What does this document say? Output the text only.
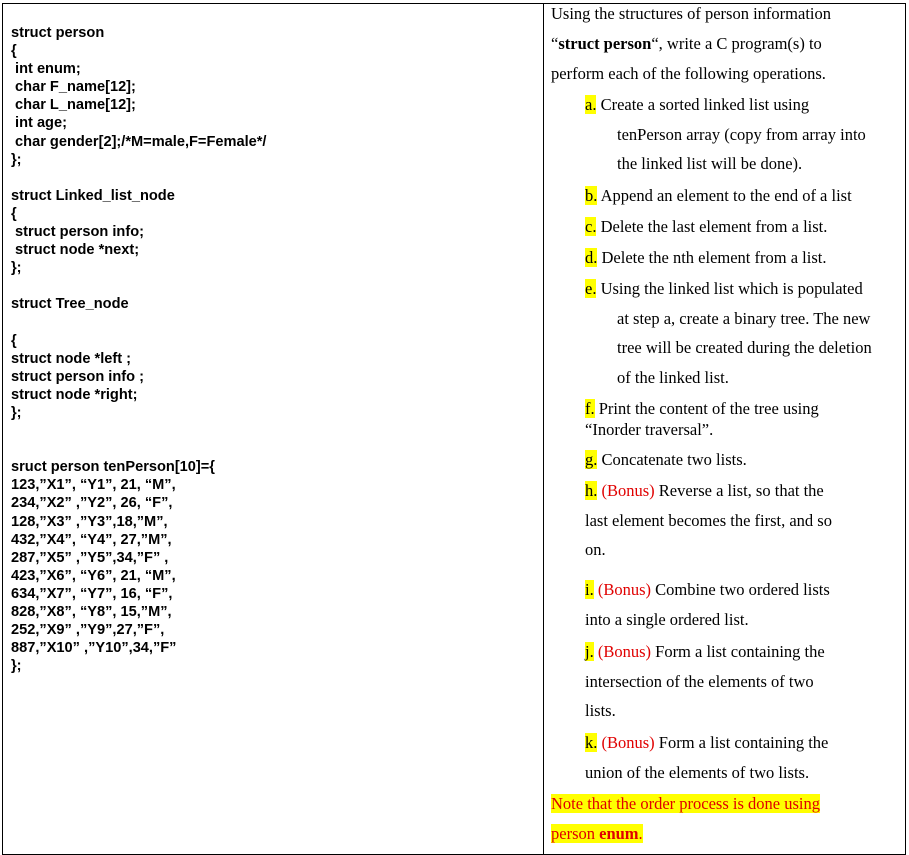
struct person
{
int enum;
char F_name[12];
char L_name[12];
int age;
char gender[2];/*M=male,F=Female*/
};
struct Linked_list_node
{
struct person info;
struct node *next;
};
struct Tree_node
{
struct node *left ;
struct person info ;
struct node *right;
};
sruct person tenPerson[10]={
123,”X1”, “Y1”, 21, “M”,
234,”X2” ,”Y2”, 26, “F”,
128,”X3” ,”Y3”,18,”M”,
432,”X4”, “Y4”, 27,”M”,
287,”X5” ,”Y5”,34,”F” ,
423,”X6”, “Y6”, 21, “M”,
634,”X7”, “Y7”, 16, “F”,
828,”X8”, “Y8”, 15,”M”,
252,”X9” ,”Y9”,27,”F”,
887,”X10” ,”Y10”,34,”F”
};
Using the structures of person information
“struct person“, write a C program(s) to
perform each of the following operations.
a. Create a sorted linked list using
tenPerson array (copy from array into
the linked list will be done).
b. Append an element to the end of a list
c. Delete the last element from a list.
d. Delete the nth element from a list.
e. Using the linked list which is populated
at step a, create a binary tree. The new
tree will be created during the deletion
of the linked list.
f. Print the content of the tree using
“Inorder traversal”.
g. Concatenate two lists.
h. (Bonus) Reverse a list, so that the
last element becomes the first, and so
on.
i. (Bonus) Combine two ordered lists
into a single ordered list.
j. (Bonus) Form a list containing the
intersection of the elements of two
lists.
k. (Bonus) Form a list containing the
union of the elements of two lists.
Note that the order process is done using
person enum.
